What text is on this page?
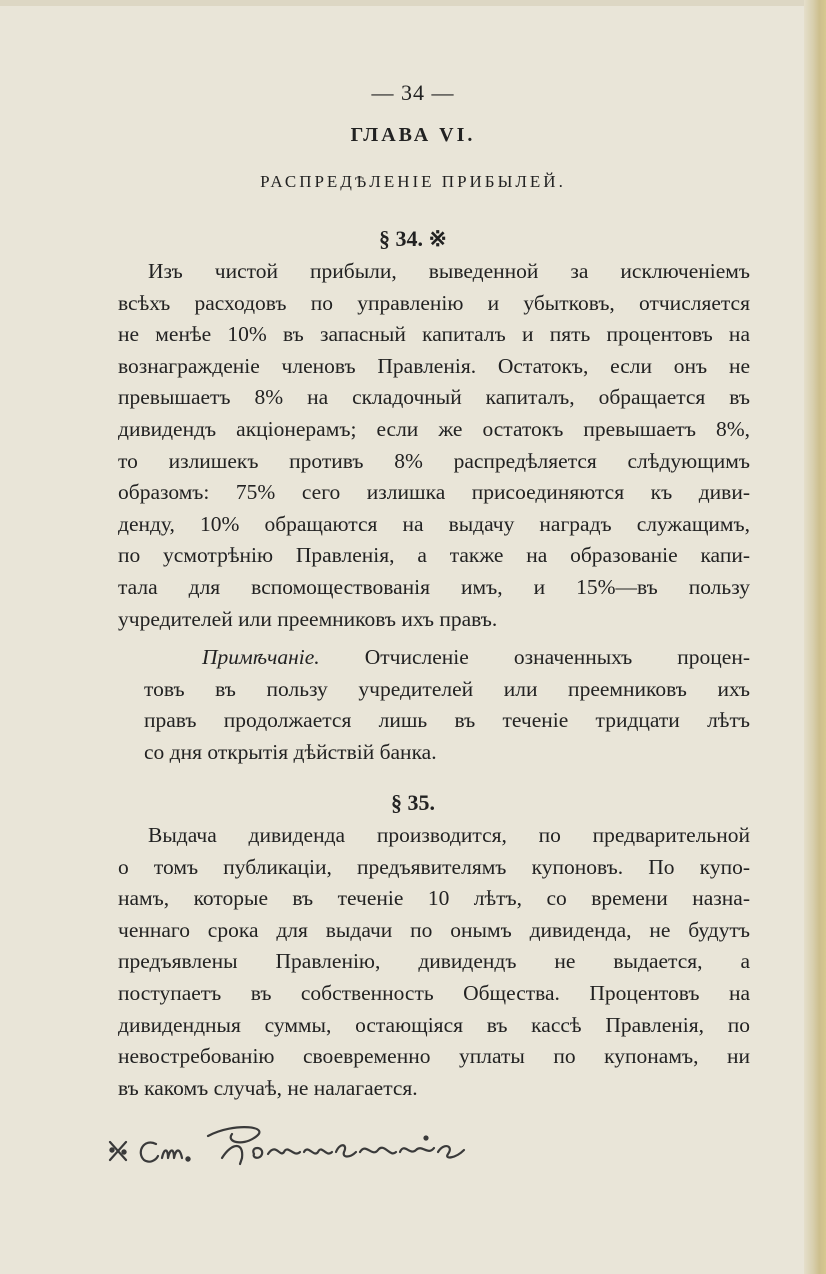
— 34 —
ГЛАВА VI.
РАСПРЕДѢЛЕНІЕ ПРИБЫЛЕЙ.
§ 34. ※
Изъ чистой прибыли, выведенной за исключеніемъ
всѣхъ расходовъ по управленію и убытковъ, отчисляется
не менѣе 10% въ запасный капиталъ и пять процентовъ на
вознагражденіе членовъ Правленія. Остатокъ, если онъ не
превышаетъ 8% на складочный капиталъ, обращается въ
дивидендъ акціонерамъ; если же остатокъ превышаетъ 8%,
то излишекъ противъ 8% распредѣляется слѣдующимъ
образомъ: 75% сего излишка присоединяются къ диви-
денду, 10% обращаются на выдачу наградъ служащимъ,
по усмотрѣнію Правленія, а также на образованіе капи-
тала для вспомоществованія имъ, и 15%—въ пользу
учредителей или преемниковъ ихъ правъ.
Примѣчаніе. Отчисленіе означенныхъ процен-
товъ въ пользу учредителей или преемниковъ ихъ
правъ продолжается лишь въ теченіе тридцати лѣтъ
со дня открытія дѣйствій банка.
§ 35.
Выдача дивиденда производится, по предварительной
о томъ публикаціи, предъявителямъ купоновъ. По купо-
намъ, которые въ теченіе 10 лѣтъ, со времени назна-
ченнаго срока для выдачи по онымъ дивиденда, не будутъ
предъявлены Правленію, дивидендъ не выдается, а
поступаетъ въ собственность Общества. Процентовъ на
дивидендныя суммы, остающіяся въ кассѣ Правленія, по
невостребованію своевременно уплаты по купонамъ, ни
въ какомъ случаѣ, не налагается.
